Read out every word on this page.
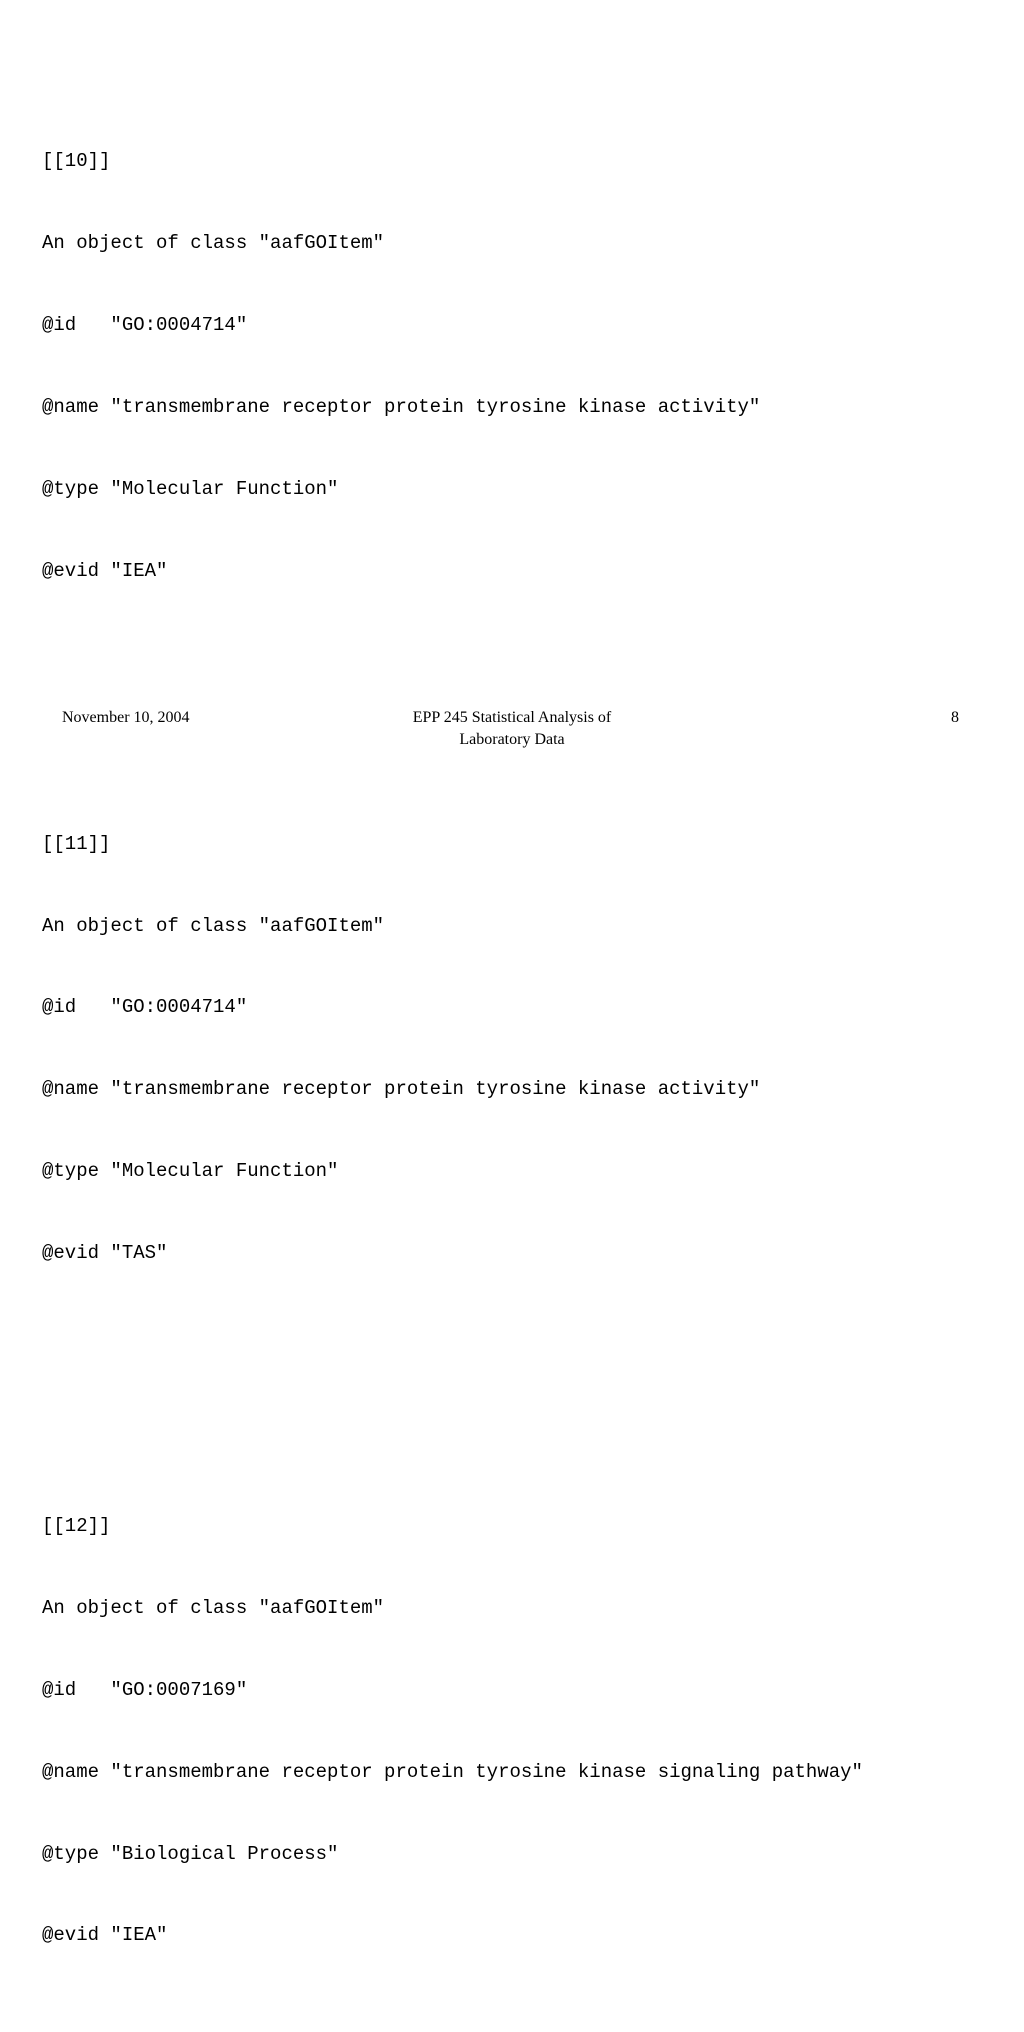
[[10]]

An object of class "aafGOItem"

@id   "GO:0004714"

@name "transmembrane receptor protein tyrosine kinase activity"

@type "Molecular Function"

@evid "IEA"

[[11]]

An object of class "aafGOItem"

@id   "GO:0004714"

@name "transmembrane receptor protein tyrosine kinase activity"

@type "Molecular Function"

@evid "TAS"

[[12]]

An object of class "aafGOItem"

@id   "GO:0007169"

@name "transmembrane receptor protein tyrosine kinase signaling pathway"

@type "Biological Process"

@evid "IEA"

November 10, 2004	EPP 245 Statistical Analysis of
Laboratory Data
8
